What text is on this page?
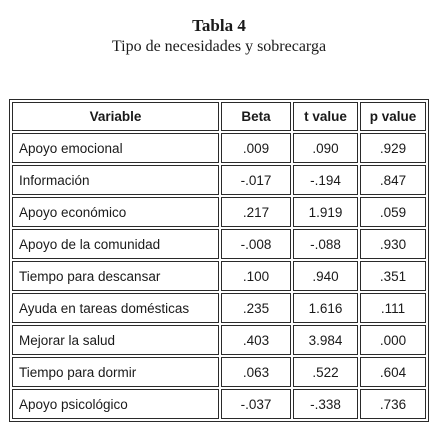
Tabla 4
Tipo de necesidades y sobrecarga
Variable	Beta	t value	p value
Apoyo emocional	.009	.090	.929
Información	-.017	-.194	.847
Apoyo económico	.217	1.919	.059
Apoyo de la comunidad	-.008	-.088	.930
Tiempo para descansar	.100	.940	.351
Ayuda en tareas domésticas	.235	1.616	.111
Mejorar la salud	.403	3.984	.000
Tiempo para dormir	.063	.522	.604
Apoyo psicológico	-.037	-.338	.736
